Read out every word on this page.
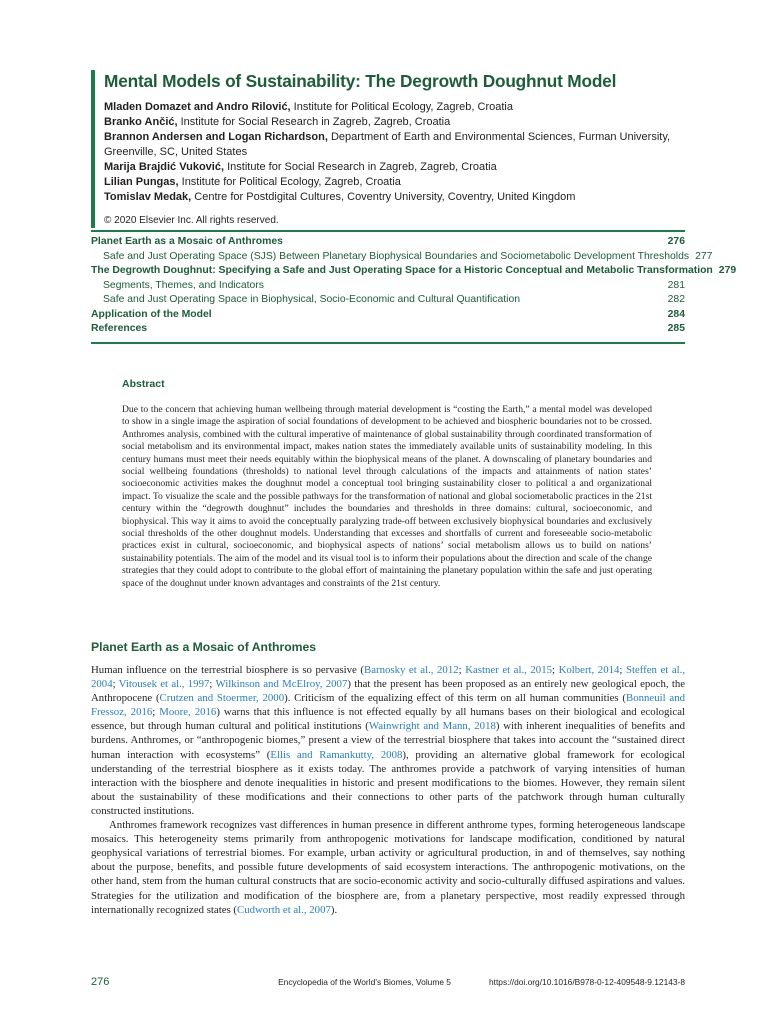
Mental Models of Sustainability: The Degrowth Doughnut Model

Mladen Domazet and Andro Rilović, Institute for Political Ecology, Zagreb, Croatia

Branko Ančić, Institute for Social Research in Zagreb, Zagreb, Croatia

Brannon Andersen and Logan Richardson, Department of Earth and Environmental Sciences, Furman University, Greenville, SC, United States

Marija Brajdić Vuković, Institute for Social Research in Zagreb, Zagreb, Croatia

Lilian Pungas, Institute for Political Ecology, Zagreb, Croatia

Tomislav Medak, Centre for Postdigital Cultures, Coventry University, Coventry, United Kingdom

© 2020 Elsevier Inc. All rights reserved.
Planet Earth as a Mosaic of Anthromes	276
Safe and Just Operating Space (SJS) Between Planetary Biophysical Boundaries and Sociometabolic Development Thresholds 277
The Degrowth Doughnut: Specifying a Safe and Just Operating Space for a Historic Conceptual and Metabolic Transformation 279
Segments, Themes, and Indicators	281
Safe and Just Operating Space in Biophysical, Socio-Economic and Cultural Quantification	282
Application of the Model	284
References	285
Abstract
Due to the concern that achieving human wellbeing through material development is “costing the Earth,” a mental model was developed to show in a single image the aspiration of social foundations of development to be achieved and biospheric boundaries not to be crossed. Anthromes analysis, combined with the cultural imperative of maintenance of global sustainability through coordinated transformation of social metabolism and its environmental impact, makes nation states the immediately available units of sustainability modeling. In this century humans must meet their needs equitably within the biophysical means of the planet. A downscaling of planetary boundaries and social wellbeing foundations (thresholds) to national level through calculations of the impacts and attainments of nation states’ socioeconomic activities makes the doughnut model a conceptual tool bringing sustainability closer to political a and organizational impact. To visualize the scale and the possible pathways for the transformation of national and global sociometabolic practices in the 21st century within the “degrowth doughnut” includes the boundaries and thresholds in three domains: cultural, socioeconomic, and biophysical. This way it aims to avoid the conceptually paralyzing trade-off between exclusively biophysical boundaries and exclusively social thresholds of the other doughnut models. Understanding that excesses and shortfalls of current and foreseeable socio-metabolic practices exist in cultural, socioeconomic, and biophysical aspects of nations’ social metabolism allows us to build on nations’ sustainability potentials. The aim of the model and its visual tool is to inform their populations about the direction and scale of the change strategies that they could adopt to contribute to the global effort of maintaining the planetary population within the safe and just operating space of the doughnut under known advantages and constraints of the 21st century.
Planet Earth as a Mosaic of Anthromes

Human influence on the terrestrial biosphere is so pervasive (Barnosky et al., 2012; Kastner et al., 2015; Kolbert, 2014; Steffen et al., 2004; Vitousek et al., 1997; Wilkinson and McElroy, 2007) that the present has been proposed as an entirely new geological epoch, the Anthropocene (Crutzen and Stoermer, 2000). Criticism of the equalizing effect of this term on all human communities (Bonneuil and Fressoz, 2016; Moore, 2016) warns that this influence is not effected equally by all humans bases on their biological and ecological essence, but through human cultural and political institutions (Wainwright and Mann, 2018) with inherent inequalities of benefits and burdens. Anthromes, or “anthropogenic biomes,” present a view of the terrestrial biosphere that takes into account the “sustained direct human interaction with ecosystems” (Ellis and Ramankutty, 2008), providing an alternative global framework for ecological understanding of the terrestrial biosphere as it exists today. The anthromes provide a patchwork of varying intensities of human interaction with the biosphere and denote inequalities in historic and present modifications to the biomes. However, they remain silent about the sustainability of these modifications and their connections to other parts of the patchwork through human culturally constructed institutions.

Anthromes framework recognizes vast differences in human presence in different anthrome types, forming heterogeneous landscape mosaics. This heterogeneity stems primarily from anthropogenic motivations for landscape modification, conditioned by natural geophysical variations of terrestrial biomes. For example, urban activity or agricultural production, in and of themselves, say nothing about the purpose, benefits, and possible future developments of said ecosystem interactions. The anthropogenic motivations, on the other hand, stem from the human cultural constructs that are socio-economic activity and socio-culturally diffused aspirations and values. Strategies for the utilization and modification of the biosphere are, from a planetary perspective, most readily expressed through internationally recognized states (Cudworth et al., 2007).

276	Encyclopedia of the World’s Biomes, Volume 5	https://doi.org/10.1016/B978-0-12-409548-9.12143-8
